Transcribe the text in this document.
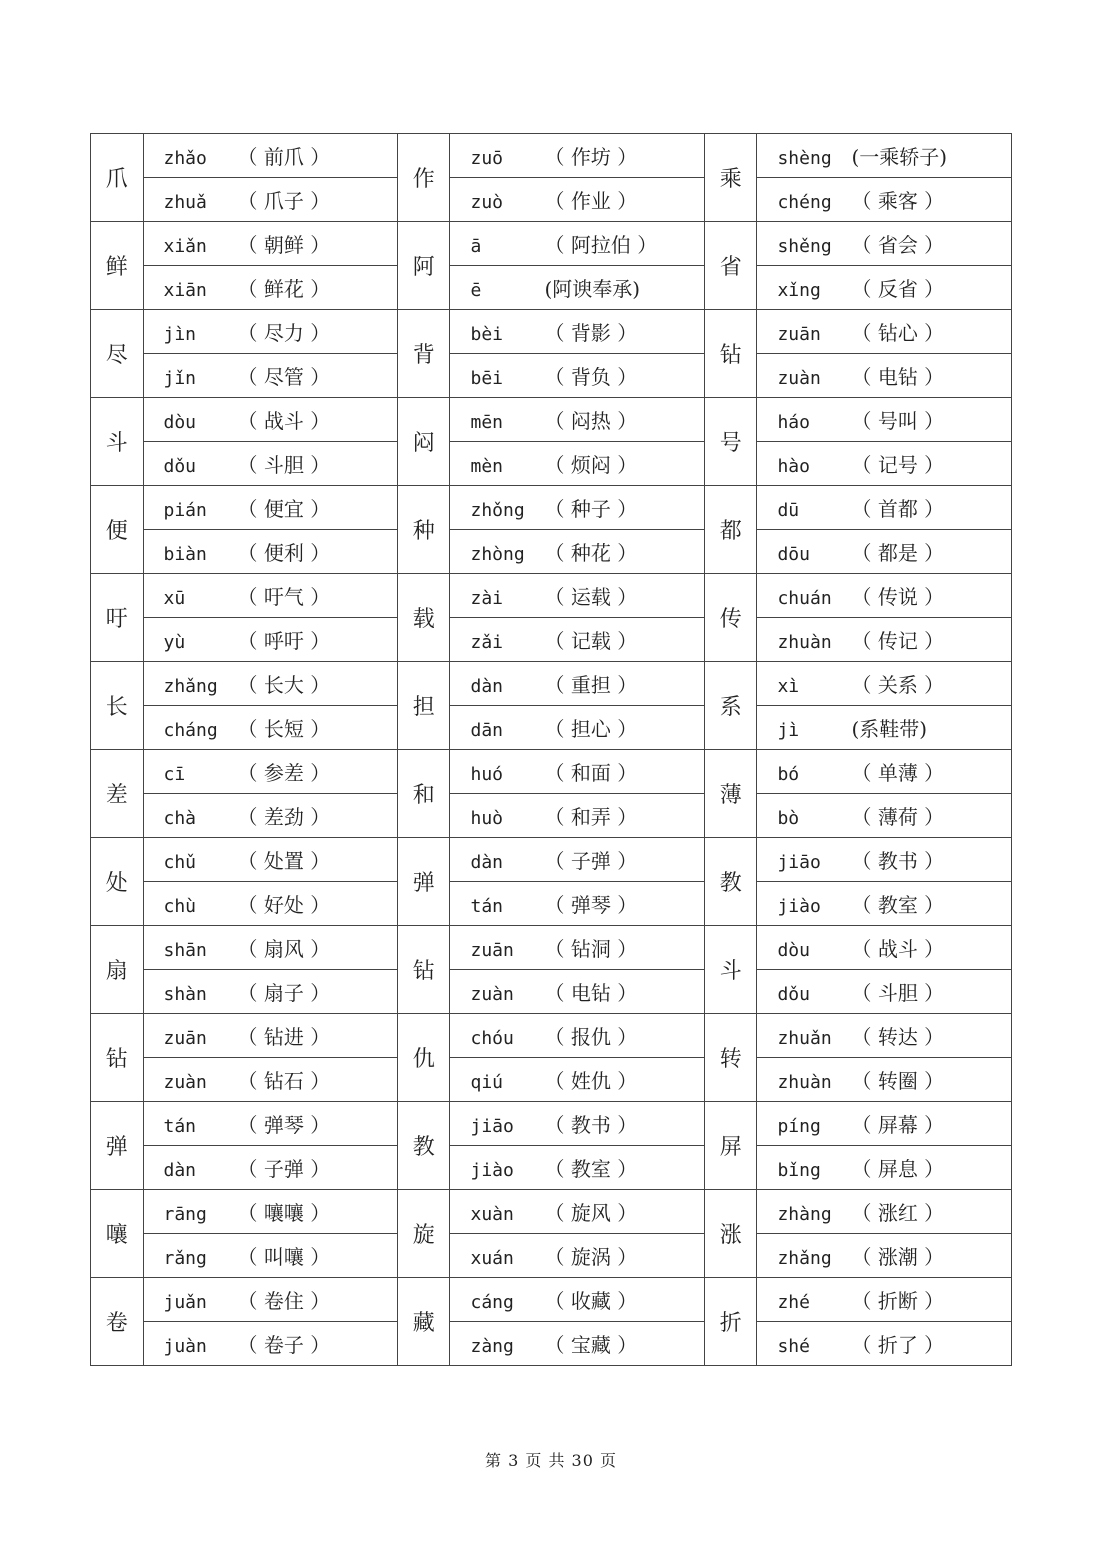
爪	zhǎo （ 前爪 ）	作	zuō （ 作坊 ）	乘	shèng (一乘轿子)
	zhuǎ （ 爪子 ）		zuò （ 作业 ）		chéng （ 乘客 ）
鲜	xiǎn （ 朝鲜 ）	阿	ā （ 阿拉伯 ）	省	shěng （ 省会 ）
	xiān （ 鲜花 ）		ē (阿谀奉承)		xǐng （ 反省 ）
尽	jìn （ 尽力 ）	背	bèi （ 背影 ）	钻	zuān （ 钻心 ）
	jǐn （ 尽管 ）		bēi （ 背负 ）		zuàn （ 电钻 ）
斗	dòu （ 战斗 ）	闷	mēn （ 闷热 ）	号	háo （ 号叫 ）
	dǒu （ 斗胆 ）		mèn （ 烦闷 ）		hào （ 记号 ）
便	pián （ 便宜 ）	种	zhǒng （ 种子 ）	都	dū （ 首都 ）
	biàn （ 便利 ）		zhòng （ 种花 ）		dōu （ 都是 ）
吁	xū （ 吁气 ）	载	zài （ 运载 ）	传	chuán （ 传说 ）
	yù （ 呼吁 ）		zǎi （ 记载 ）		zhuàn （ 传记 ）
长	zhǎng （ 长大 ）	担	dàn （ 重担 ）	系	xì （ 关系 ）
	cháng （ 长短 ）		dān （ 担心 ）		jì (系鞋带)
差	cī （ 参差 ）	和	huó （ 和面 ）	薄	bó （ 单薄 ）
	chà （ 差劲 ）		huò （ 和弄 ）		bò （ 薄荷 ）
处	chǔ （ 处置 ）	弹	dàn （ 子弹 ）	教	jiāo （ 教书 ）
	chù （ 好处 ）		tán （ 弹琴 ）		jiào （ 教室 ）
扇	shān （ 扇风 ）	钻	zuān （ 钻洞 ）	斗	dòu （ 战斗 ）
	shàn （ 扇子 ）		zuàn （ 电钻 ）		dǒu （ 斗胆 ）
钻	zuān （ 钻进 ）	仇	chóu （ 报仇 ）	转	zhuǎn （ 转达 ）
	zuàn （ 钻石 ）		qiú （ 姓仇 ）		zhuàn （ 转圈 ）
弹	tán （ 弹琴 ）	教	jiāo （ 教书 ）	屏	píng （ 屏幕 ）
	dàn （ 子弹 ）		jiào （ 教室 ）		bǐng （ 屏息 ）
嚷	rāng （ 嚷嚷 ）	旋	xuàn （ 旋风 ）	涨	zhàng （ 涨红 ）
	rǎng （ 叫嚷 ）		xuán （ 旋涡 ）		zhǎng （ 涨潮 ）
卷	juǎn （ 卷住 ）	藏	cáng （ 收藏 ）	折	zhé （ 折断 ）
	juàn （ 卷子 ）		zàng （ 宝藏 ）		shé （ 折了 ）
第 3 页 共 30 页
